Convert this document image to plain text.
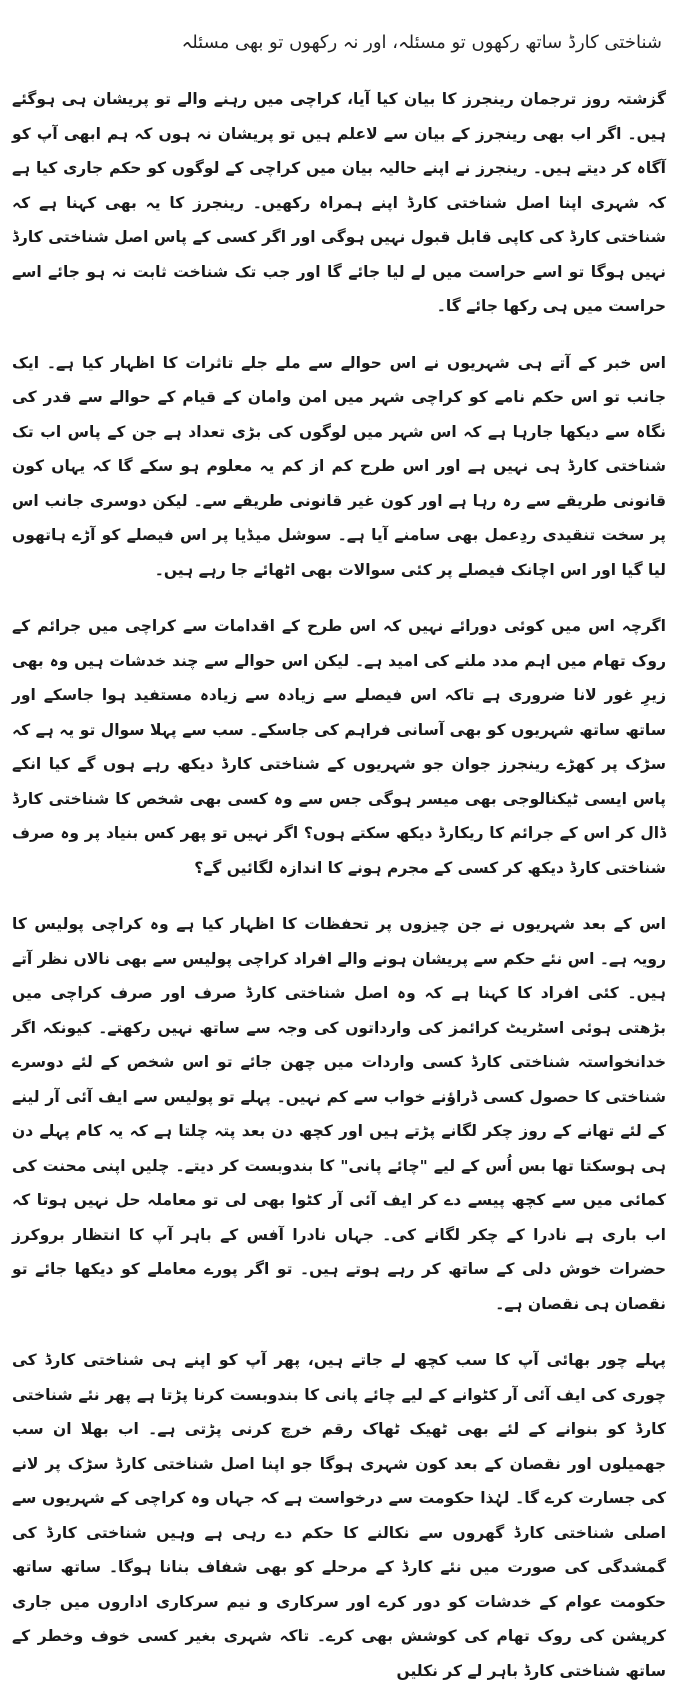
شناختی کارڈ ساتھ رکھوں تو مسئلہ، اور نہ رکھوں تو بھی مسئلہ

گزشتہ روز ترجمان رینجرز کا بیان کیا آیا، کراچی میں رہنے والے تو پریشان ہی ہوگئے ہیں۔ اگر اب بھی رینجرز کے بیان سے لاعلم ہیں تو پریشان نہ ہوں کہ ہم ابھی آپ کو آگاہ کر دیتے ہیں۔ رینجرز نے اپنے حالیہ بیان میں کراچی کے لوگوں کو حکم جاری کیا ہے کہ شہری اپنا اصل شناختی کارڈ اپنے ہمراہ رکھیں۔ رینجرز کا یہ بھی کہنا ہے کہ شناختی کارڈ کی کاپی قابل قبول نہیں ہوگی اور اگر کسی کے پاس اصل شناختی کارڈ نہیں ہوگا تو اسے حراست میں لے لیا جائے گا اور جب تک شناخت ثابت نہ ہو جائے اسے حراست میں ہی رکھا جائے گا۔

اس خبر کے آتے ہی شہریوں نے اس حوالے سے ملے جلے تاثرات کا اظہار کیا ہے۔ ایک جانب تو اس حکم نامے کو کراچی شہر میں امن وامان کے قیام کے حوالے سے قدر کی نگاہ سے دیکھا جارہا ہے کہ اس شہر میں لوگوں کی بڑی تعداد ہے جن کے پاس اب تک شناختی کارڈ ہی نہیں ہے اور اس طرح کم از کم یہ معلوم ہو سکے گا کہ یہاں کون قانونی طریقے سے رہ رہا ہے اور کون غیر قانونی طریقے سے۔ لیکن دوسری جانب اس پر سخت تنقیدی ردِعمل بھی سامنے آیا ہے۔ سوشل میڈیا پر اس فیصلے کو آڑے ہاتھوں لیا گیا اور اس اچانک فیصلے پر کئی سوالات بھی اٹھائے جا رہے ہیں۔

اگرچہ اس میں کوئی دورائے نہیں کہ اس طرح کے اقدامات سے کراچی میں جرائم کے روک تھام میں اہم مدد ملنے کی امید ہے۔ لیکن اس حوالے سے چند خدشات ہیں وہ بھی زیرِ غور لانا ضروری ہے تاکہ اس فیصلے سے زیادہ سے زیادہ مستفید ہوا جاسکے اور ساتھ ساتھ شہریوں کو بھی آسانی فراہم کی جاسکے۔ سب سے پہلا سوال تو یہ ہے کہ سڑک پر کھڑے رینجرز جوان جو شہریوں کے شناختی کارڈ دیکھ رہے ہوں گے کیا انکے پاس ایسی ٹیکنالوجی بھی میسر ہوگی جس سے وہ کسی بھی شخص کا شناختی کارڈ ڈال کر اس کے جرائم کا ریکارڈ دیکھ سکتے ہوں؟ اگر نہیں تو پھر کس بنیاد پر وہ صرف شناختی کارڈ دیکھ کر کسی کے مجرم ہونے کا اندازہ لگائیں گے؟

اس کے بعد شہریوں نے جن چیزوں پر تحفظات کا اظہار کیا ہے وہ کراچی پولیس کا رویہ ہے۔ اس نئے حکم سے پریشان ہونے والے افراد کراچی پولیس سے بھی نالاں نظر آتے ہیں۔ کئی افراد کا کہنا ہے کہ وہ اصل شناختی کارڈ صرف اور صرف کراچی میں بڑھتی ہوئی اسٹریٹ کرائمز کی وارداتوں کی وجہ سے ساتھ نہیں رکھتے۔ کیونکہ اگر خدانخواستہ شناختی کارڈ کسی واردات میں چھن جائے تو اس شخص کے لئے دوسرے شناختی کا حصول کسی ڈراؤنے خواب سے کم نہیں۔ پہلے تو پولیس سے ایف آئی آر لینے کے لئے تھانے کے روز چکر لگانے پڑتے ہیں اور کچھ دن بعد پتہ چلتا ہے کہ یہ کام پہلے دن ہی ہوسکتا تھا بس اُس کے لیے "چائے پانی" کا بندوبست کر دیتے۔ چلیں اپنی محنت کی کمائی میں سے کچھ پیسے دے کر ایف آئی آر کٹوا بھی لی تو معاملہ حل نہیں ہوتا کہ اب باری ہے نادرا کے چکر لگانے کی۔ جہاں نادرا آفس کے باہر آپ کا انتظار بروکرز حضرات خوش دلی کے ساتھ کر رہے ہوتے ہیں۔ تو اگر پورے معاملے کو دیکھا جائے تو نقصان ہی نقصان ہے۔

پہلے چور بھائی آپ کا سب کچھ لے جاتے ہیں، پھر آپ کو اپنے ہی شناختی کارڈ کی چوری کی ایف آئی آر کٹوانے کے لیے چائے پانی کا بندوبست کرنا پڑتا ہے پھر نئے شناختی کارڈ کو بنوانے کے لئے بھی ٹھیک ٹھاک رقم خرچ کرنی پڑتی ہے۔ اب بھلا ان سب جھمیلوں اور نقصان کے بعد کون شہری ہوگا جو اپنا اصل شناختی کارڈ سڑک پر لانے کی جسارت کرے گا۔ لہٰذا حکومت سے درخواست ہے کہ جہاں وہ کراچی کے شہریوں سے اصلی شناختی کارڈ گھروں سے نکالنے کا حکم دے رہی ہے وہیں شناختی کارڈ کی گمشدگی کی صورت میں نئے کارڈ کے مرحلے کو بھی شفاف بنانا ہوگا۔ ساتھ ساتھ حکومت عوام کے خدشات کو دور کرے اور سرکاری و نیم سرکاری اداروں میں جاری کرپشن کی روک تھام کی کوشش بھی کرے۔ تاکہ شہری بغیر کسی خوف وخطر کے ساتھ شناختی کارڈ باہر لے کر نکلیں
